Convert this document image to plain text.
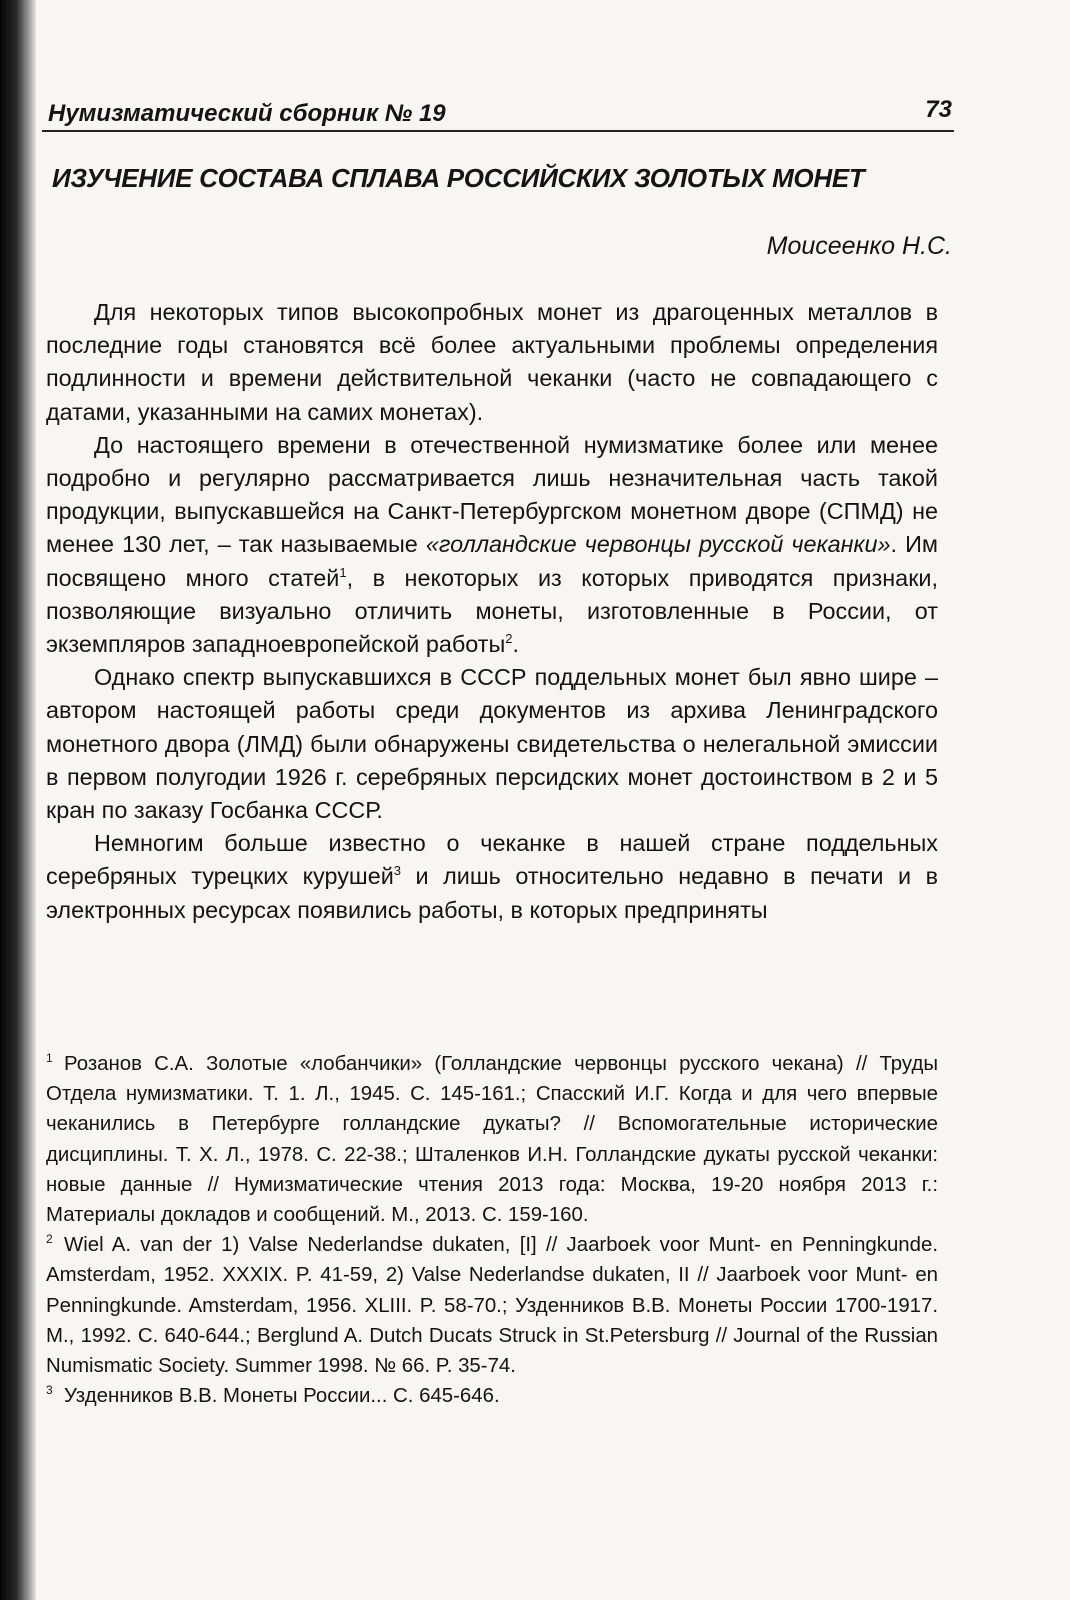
Нумизматический сборник № 19	73
ИЗУЧЕНИЕ СОСТАВА СПЛАВА РОССИЙСКИХ ЗОЛОТЫХ МОНЕТ
Моисеенко Н.С.

Для некоторых типов высокопробных монет из драгоценных металлов в последние годы становятся всё более актуальными проблемы определения подлинности и времени действительной чеканки (часто не совпадающего с датами, указанными на самих монетах).

До настоящего времени в отечественной нумизматике более или менее подробно и регулярно рассматривается лишь незначительная часть такой продукции, выпускавшейся на Санкт-Петербургском монетном дворе (СПМД) не менее 130 лет, – так называемые «голландские червонцы русской чеканки». Им посвящено много статей$^1$, в некоторых из которых приводятся признаки, позволяющие визуально отличить монеты, изготовленные в России, от экземпляров западноевропейской работы$^2$.

Однако спектр выпускавшихся в СССР поддельных монет был явно шире – автором настоящей работы среди документов из архива Ленинградского монетного двора (ЛМД) были обнаружены свидетельства о нелегальной эмиссии в первом полугодии 1926 г. серебряных персидских монет достоинством в 2 и 5 кран по заказу Госбанка СССР.

Немногим больше известно о чеканке в нашей стране поддельных серебряных турецких курушей$^3$ и лишь относительно недавно в печати и в электронных ресурсах появились работы, в которых предприняты

1 Розанов С.А. Золотые «лобанчики» (Голландские червонцы русского чекана) // Труды Отдела нумизматики. Т. 1. Л., 1945. С. 145-161.; Спасский И.Г. Когда и для чего впервые чеканились в Петербурге голландские дукаты? // Вспомогательные исторические дисциплины. Т. Х. Л., 1978. С. 22-38.; Шталенков И.Н. Голландские дукаты русской чеканки: новые данные // Нумизматические чтения 2013 года: Москва, 19-20 ноября 2013 г.: Материалы докладов и сообщений. М., 2013. С. 159-160.

2 Wiel A. van der 1) Valse Nederlandse dukaten, [I] // Jaarboek voor Munt- en Penningkunde. Amsterdam, 1952. XXXIX. P. 41-59, 2) Valse Nederlandse dukaten, II // Jaarboek voor Munt- en Penningkunde. Amsterdam, 1956. XLIII. P. 58-70.; Узденников В.В. Монеты России 1700-1917. М., 1992. С. 640-644.; Berglund A. Dutch Ducats Struck in St.Petersburg // Journal of the Russian Numismatic Society. Summer 1998. № 66. P. 35-74.

3 Узденников В.В. Монеты России... С. 645-646.
